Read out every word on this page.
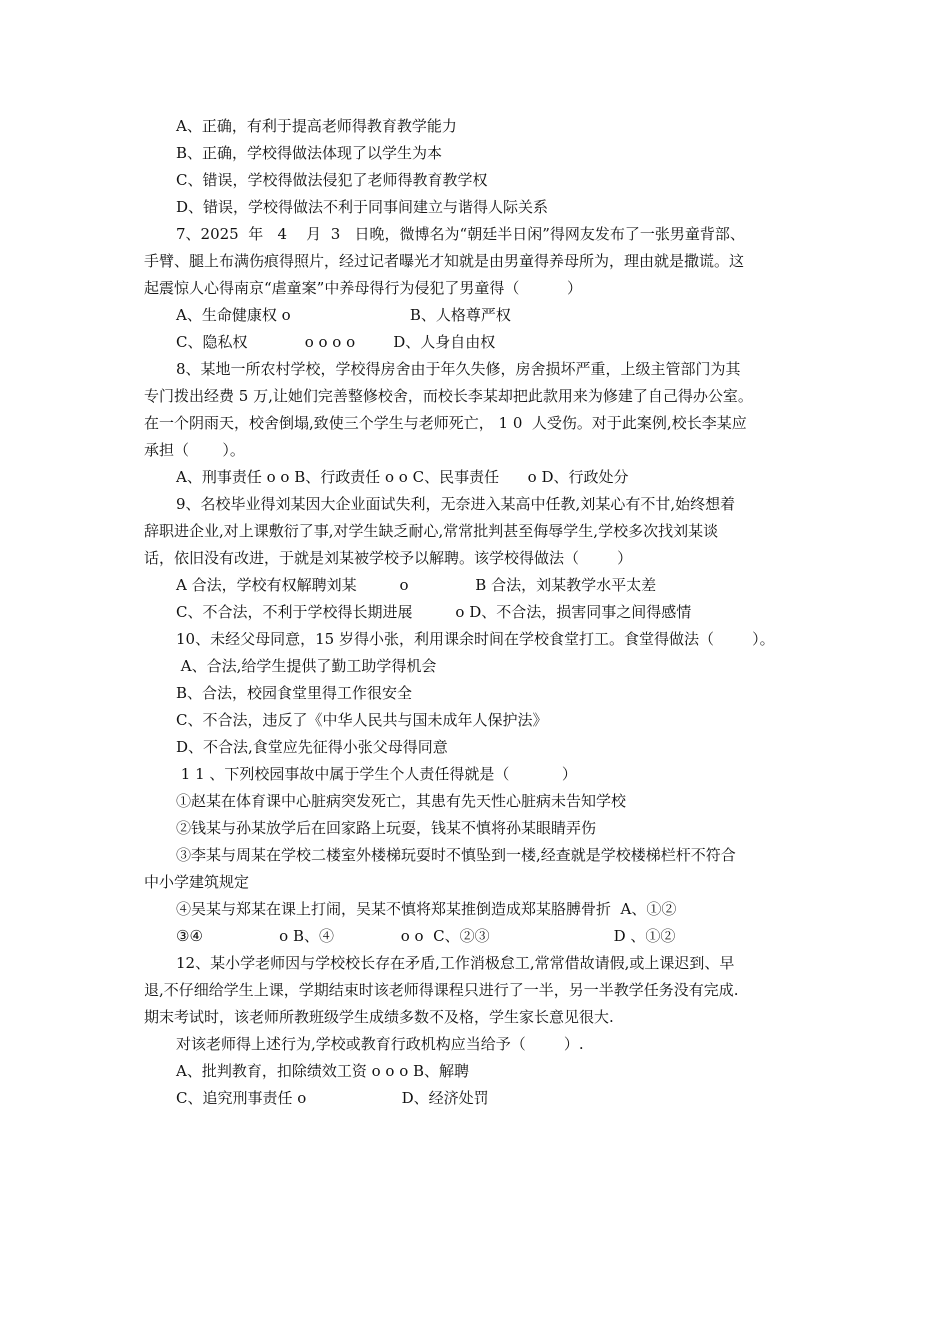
A、正确，有利于提高老师得教育教学能力
B、正确，学校得做法体现了以学生为本
C、错误，学校得做法侵犯了老师得教育教学权
D、错误，学校得做法不利于同事间建立与谐得人际关系
7、2025  年   4    月  3   日晚，微博名为“朝廷半日闲”得网友发布了一张男童背部、
手臂、腿上布满伤痕得照片，经过记者曝光才知就是由男童得养母所为，理由就是撒谎。这
起震惊人心得南京“虐童案”中养母得行为侵犯了男童得（          ）
A、生命健康权 o                         B、人格尊严权
C、隐私权            o o o o        D、人身自由权
8、某地一所农村学校，学校得房舍由于年久失修，房舍损坏严重，上级主管部门为其
专门拨出经费 5 万,让她们完善整修校舍，而校长李某却把此款用来为修建了自己得办公室。
在一个阴雨天，校舍倒塌,致使三个学生与老师死亡， 1 0  人受伤。对于此案例,校长李某应
承担（       ）。
A、刑事责任 o o B、行政责任 o o C、民事责任      o D、行政处分
9、名校毕业得刘某因大企业面试失利，无奈进入某高中任教,刘某心有不甘,始终想着
辞职进企业,对上课敷衍了事,对学生缺乏耐心,常常批判甚至侮辱学生,学校多次找刘某谈
话，依旧没有改进，于就是刘某被学校予以解聘。该学校得做法（        ）
A 合法，学校有权解聘刘某         o              B 合法，刘某教学水平太差
C、不合法，不利于学校得长期进展         o D、不合法，损害同事之间得感情
10、未经父母同意，15 岁得小张，利用课余时间在学校食堂打工。食堂得做法（        ）。
A、合法,给学生提供了勤工助学得机会
B、合法，校园食堂里得工作很安全
C、不合法，违反了《中华人民共与国未成年人保护法》
D、不合法,食堂应先征得小张父母得同意
1 1 、下列校园事故中属于学生个人责任得就是（           ）
①赵某在体育课中心脏病突发死亡，其患有先天性心脏病未告知学校
②钱某与孙某放学后在回家路上玩耍，钱某不慎将孙某眼睛弄伤
③李某与周某在学校二楼室外楼梯玩耍时不慎坠到一楼,经查就是学校楼梯栏杆不符合
中小学建筑规定
④吴某与郑某在课上打闹，吴某不慎将郑某推倒造成郑某胳膊骨折  A、①②
③④                o B、④              o o  C、②③                          D 、①②
12、某小学老师因与学校校长存在矛盾,工作消极怠工,常常借故请假,或上课迟到、早
退,不仔细给学生上课，学期结束时该老师得课程只进行了一半，另一半教学任务没有完成.
期末考试时，该老师所教班级学生成绩多数不及格，学生家长意见很大.
对该老师得上述行为,学校或教育行政机构应当给予（        ）.
A、批判教育，扣除绩效工资 o o o B、解聘
C、追究刑事责任 o                    D、经济处罚
